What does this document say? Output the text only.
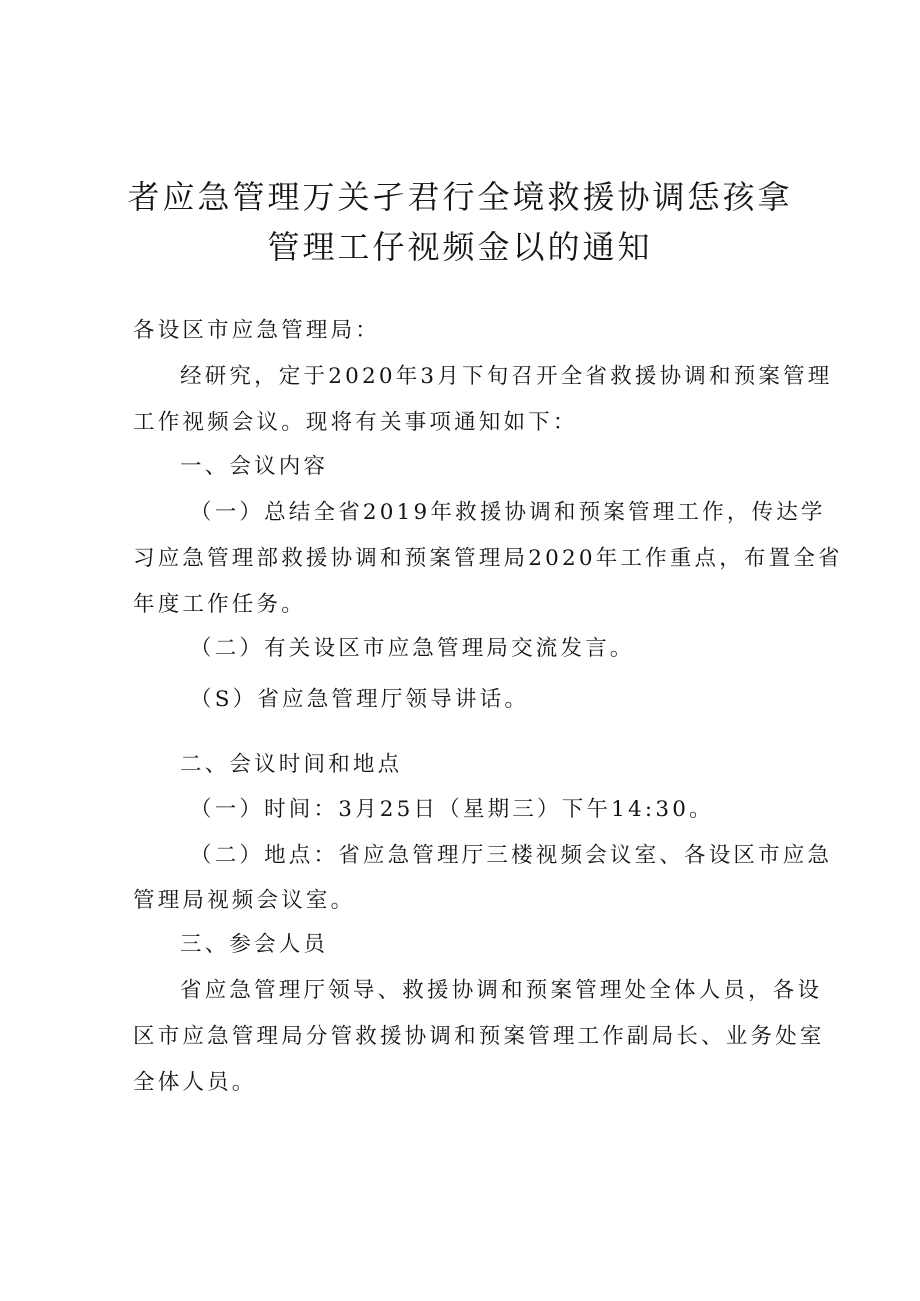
者应急管理万关孑君行全境救援协调恁孩拿
管理工仔视频金以的通知
各设区市应急管理局：
经研究，定于2020年3月下旬召开全省救援协调和预案管理
工作视频会议。现将有关事项通知如下：
一、会议内容
（一）总结全省2019年救援协调和预案管理工作，传达学
习应急管理部救援协调和预案管理局2020年工作重点，布置全省
年度工作任务。
（二）有关设区市应急管理局交流发言。
（S）省应急管理厅领导讲话。
二、会议时间和地点
（一）时间：3月25日（星期三）下午14:30。
（二）地点：省应急管理厅三楼视频会议室、各设区市应急
管理局视频会议室。
三、参会人员
省应急管理厅领导、救援协调和预案管理处全体人员，各设
区市应急管理局分管救援协调和预案管理工作副局长、业务处室
全体人员。
